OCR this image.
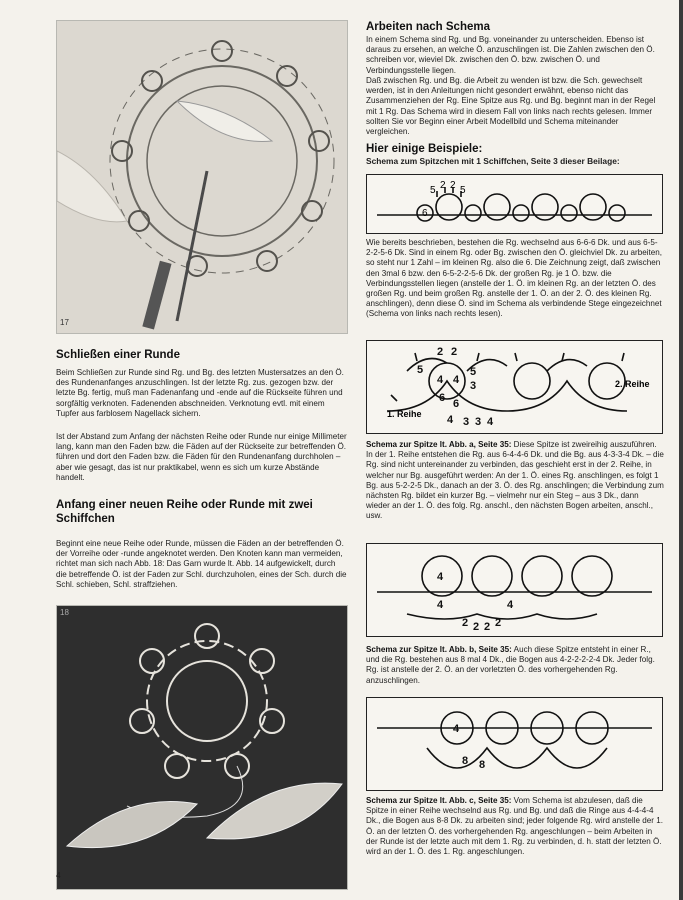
17
Schließen einer Runde

Beim Schließen zur Runde sind Rg. und Bg. des letzten Mustersatzes an den Ö. des Rundenanfanges anzuschlingen. Ist der letzte Rg. zus. gezogen bzw. der letzte Bg. fertig, muß man Fadenanfang und -ende auf die Rückseite führen und sorgfältig verknoten. Fadenenden abschneiden. Verknotung evtl. mit einem Tupfer aus farblosem Nagellack sichern.

Ist der Abstand zum Anfang der nächsten Reihe oder Runde nur einige Millimeter lang, kann man den Faden bzw. die Fäden auf der Rückseite zur betreffenden Ö. führen und dort den Faden bzw. die Fäden für den Rundenanfang durchholen – aber wie gesagt, das ist nur praktikabel, wenn es sich um kurze Abstände handelt.

Anfang einer neuen Reihe oder Runde mit zwei Schiffchen

Beginnt eine neue Reihe oder Runde, müssen die Fäden an der betreffenden Ö. der Vorreihe oder -runde angeknotet werden. Den Knoten kann man vermeiden, richtet man sich nach Abb. 18: Das Garn wurde lt. Abb. 14 aufgewickelt, durch die betreffende Ö. ist der Faden zur Schl. durchzuholen, eines der Sch. durch die Schl. schieben, Schl. straffziehen.

18
Arbeiten nach Schema

In einem Schema sind Rg. und Bg. voneinander zu unterscheiden. Ebenso ist daraus zu ersehen, an welche Ö. anzuschlingen ist. Die Zahlen zwischen den Ö. schreiben vor, wieviel Dk. zwischen den Ö. bzw. zwischen Ö. und Verbindungsstelle liegen.

Daß zwischen Rg. und Bg. die Arbeit zu wenden ist bzw. die Sch. gewechselt werden, ist in den Anleitungen nicht gesondert erwähnt, ebenso nicht das Zusammenziehen der Rg. Eine Spitze aus Rg. und Bg. beginnt man in der Regel mit 1 Rg. Das Schema wird in diesem Fall von links nach rechts gelesen. Immer sollten Sie vor Beginn einer Arbeit Modellbild und Schema miteinander vergleichen.

Hier einige Beispiele:
Schema zum Spitzchen mit 1 Schiffchen, Seite 3 dieser Beilage:
6
5 2 2 5

Wie bereits beschrieben, bestehen die Rg. wechselnd aus 6-6-6 Dk. und aus 6-5-2-2-5-6 Dk. Sind in einem Rg. oder Bg. zwischen den Ö. gleichviel Dk. zu arbeiten, so steht nur 1 Zahl – im kleinen Rg. also die 6. Die Zeichnung zeigt, daß zwischen den 3mal 6 bzw. den 6-5-2-2-5-6 Dk. der großen Rg. je 1 Ö. bzw. die Verbindungsstellen liegen (anstelle der 1. Ö. im kleinen Rg. an der letzten Ö. des großen Rg. und beim großen Rg. anstelle der 1. Ö. an der 2. Ö. des kleinen Rg. anschlingen), denn diese Ö. sind im Schema als verbindende Stege eingezeichnet (Schema von links nach rechts lesen).

2 2
5
4 4 3
6 6
5
4 3 3 4
1. Reihe
2. Reihe

Schema zur Spitze lt. Abb. a, Seite 35: Diese Spitze ist zweireihig auszuführen. In der 1. Reihe entstehen die Rg. aus 6-4-4-6 Dk. und die Bg. aus 4-3-3-4 Dk. – die Rg. sind nicht untereinander zu verbinden, das geschieht erst in der 2. Reihe, in welcher nur Bg. ausgeführt werden: An der 1. Ö. eines Rg. anschlingen, es folgt 1 Bg. aus 5-2-2-5 Dk., danach an der 3. Ö. des Rg. anschlingen; die Verbindung zum nächsten Rg. bildet ein kurzer Bg. – vielmehr nur ein Steg – aus 3 Dk., dann wieder an der 1. Ö. des folg. Rg. anschl., den nächsten Bogen arbeiten, anschl., usw.

4
4
2 2 2 2
4

Schema zur Spitze lt. Abb. b, Seite 35: Auch diese Spitze entsteht in einer R., und die Rg. bestehen aus 8 mal 4 Dk., die Bogen aus 4-2-2-2-2-4 Dk. Jeder folg. Rg. ist anstelle der 2. Ö. an der vorletzten Ö. des vorhergehenden Rg. anzuschlingen.

4
8 8

Schema zur Spitze lt. Abb. c, Seite 35: Vom Schema ist abzulesen, daß die Spitze in einer Reihe wechselnd aus Rg. und Bg. und daß die Ringe aus 4-4-4-4 Dk., die Bogen aus 8-8 Dk. zu arbeiten sind; jeder folgende Rg. wird anstelle der 1. Ö. an der letzten Ö. des vorhergehenden Rg. angeschlungen – beim Arbeiten in der Runde ist der letzte auch mit dem 1. Rg. zu verbinden, d. h. statt der letzten Ö. wird an der 1. Ö. des 1. Rg. angeschlungen.

4
